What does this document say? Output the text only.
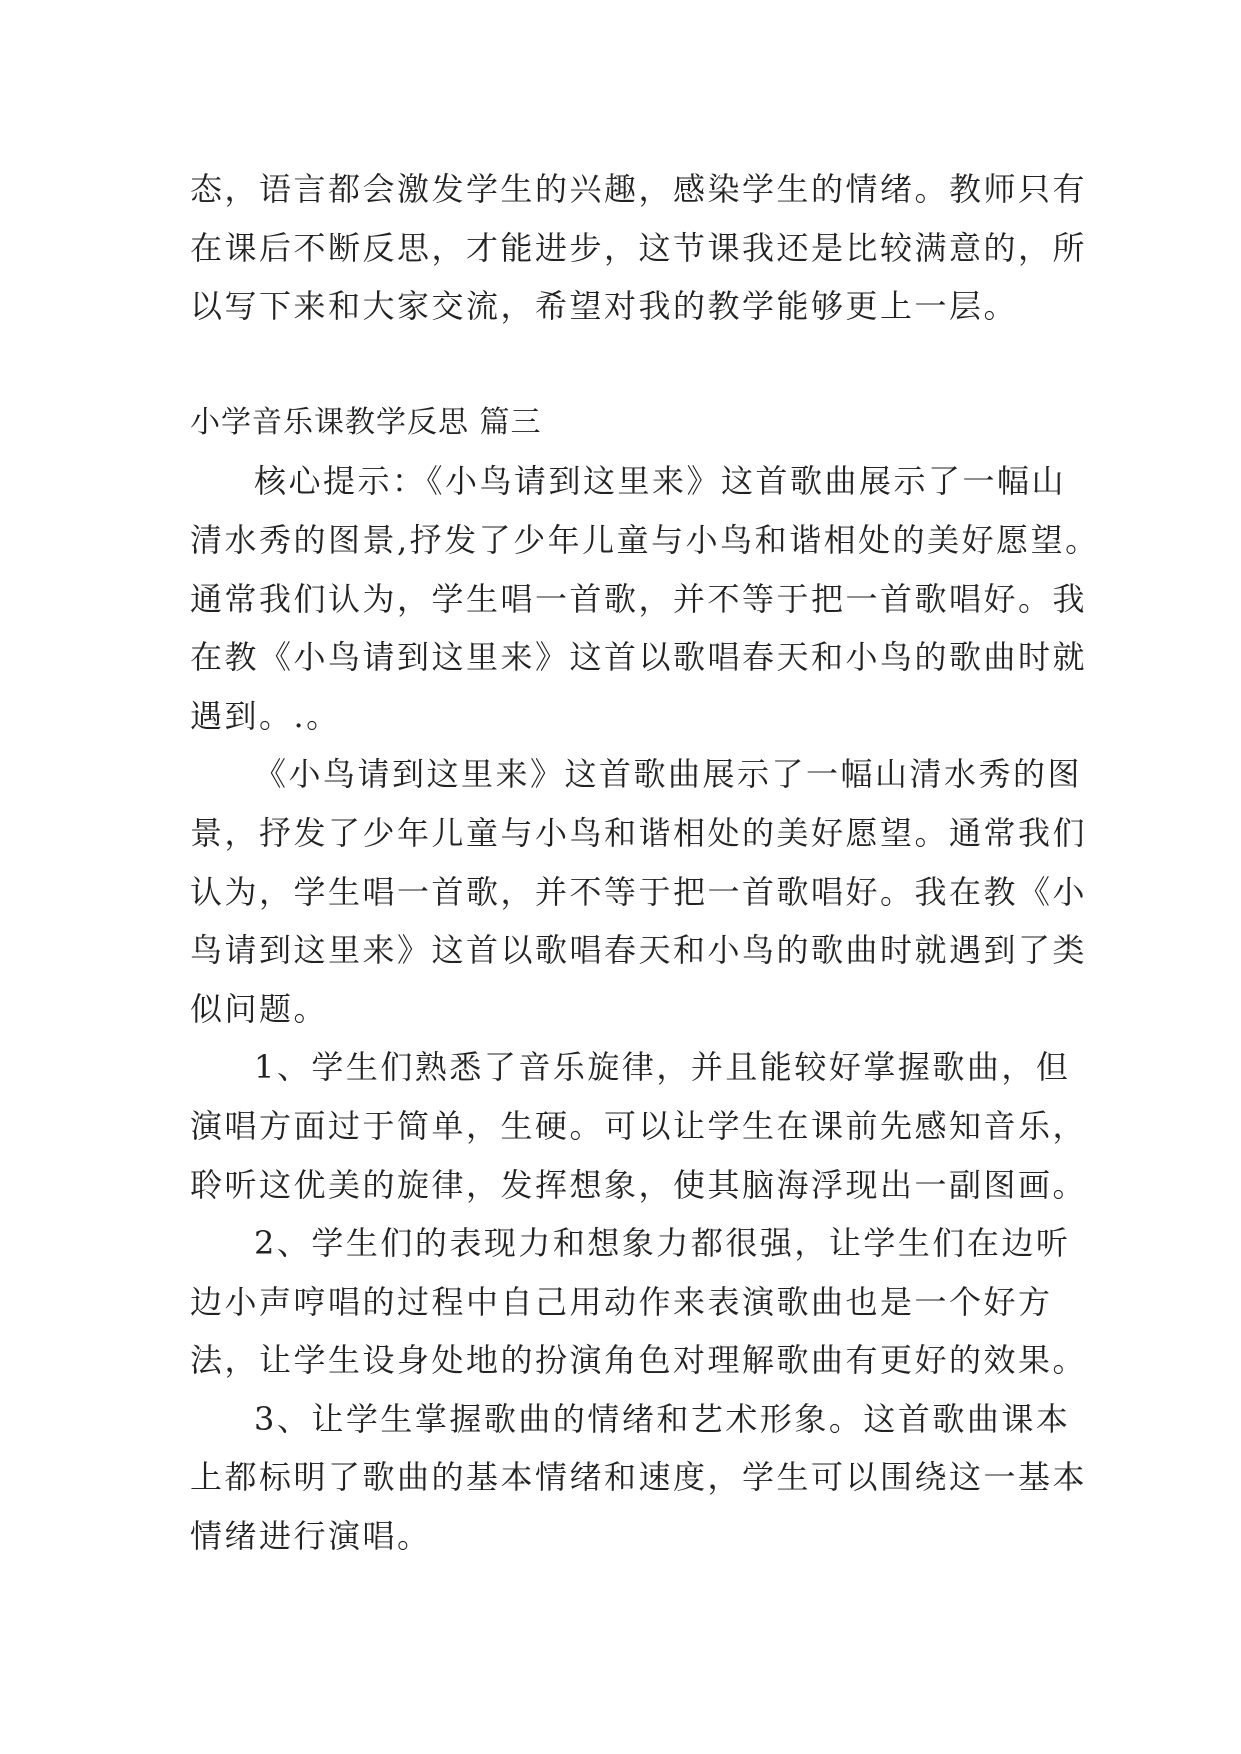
态，语言都会激发学生的兴趣，感染学生的情绪。教师只有
在课后不断反思，才能进步，这节课我还是比较满意的，所
以写下来和大家交流，希望对我的教学能够更上一层。
小学音乐课教学反思 篇三
核心提示：《小鸟请到这里来》这首歌曲展示了一幅山
清水秀的图景,抒发了少年儿童与小鸟和谐相处的美好愿望。
通常我们认为，学生唱一首歌，并不等于把一首歌唱好。我
在教《小鸟请到这里来》这首以歌唱春天和小鸟的歌曲时就
遇到。.。
《小鸟请到这里来》这首歌曲展示了一幅山清水秀的图
景，抒发了少年儿童与小鸟和谐相处的美好愿望。通常我们
认为，学生唱一首歌，并不等于把一首歌唱好。我在教《小
鸟请到这里来》这首以歌唱春天和小鸟的歌曲时就遇到了类
似问题。
1、学生们熟悉了音乐旋律，并且能较好掌握歌曲，但
演唱方面过于简单，生硬。可以让学生在课前先感知音乐，
聆听这优美的旋律，发挥想象，使其脑海浮现出一副图画。
2、学生们的表现力和想象力都很强，让学生们在边听
边小声哼唱的过程中自己用动作来表演歌曲也是一个好方
法，让学生设身处地的扮演角色对理解歌曲有更好的效果。
3、让学生掌握歌曲的情绪和艺术形象。这首歌曲课本
上都标明了歌曲的基本情绪和速度，学生可以围绕这一基本
情绪进行演唱。
